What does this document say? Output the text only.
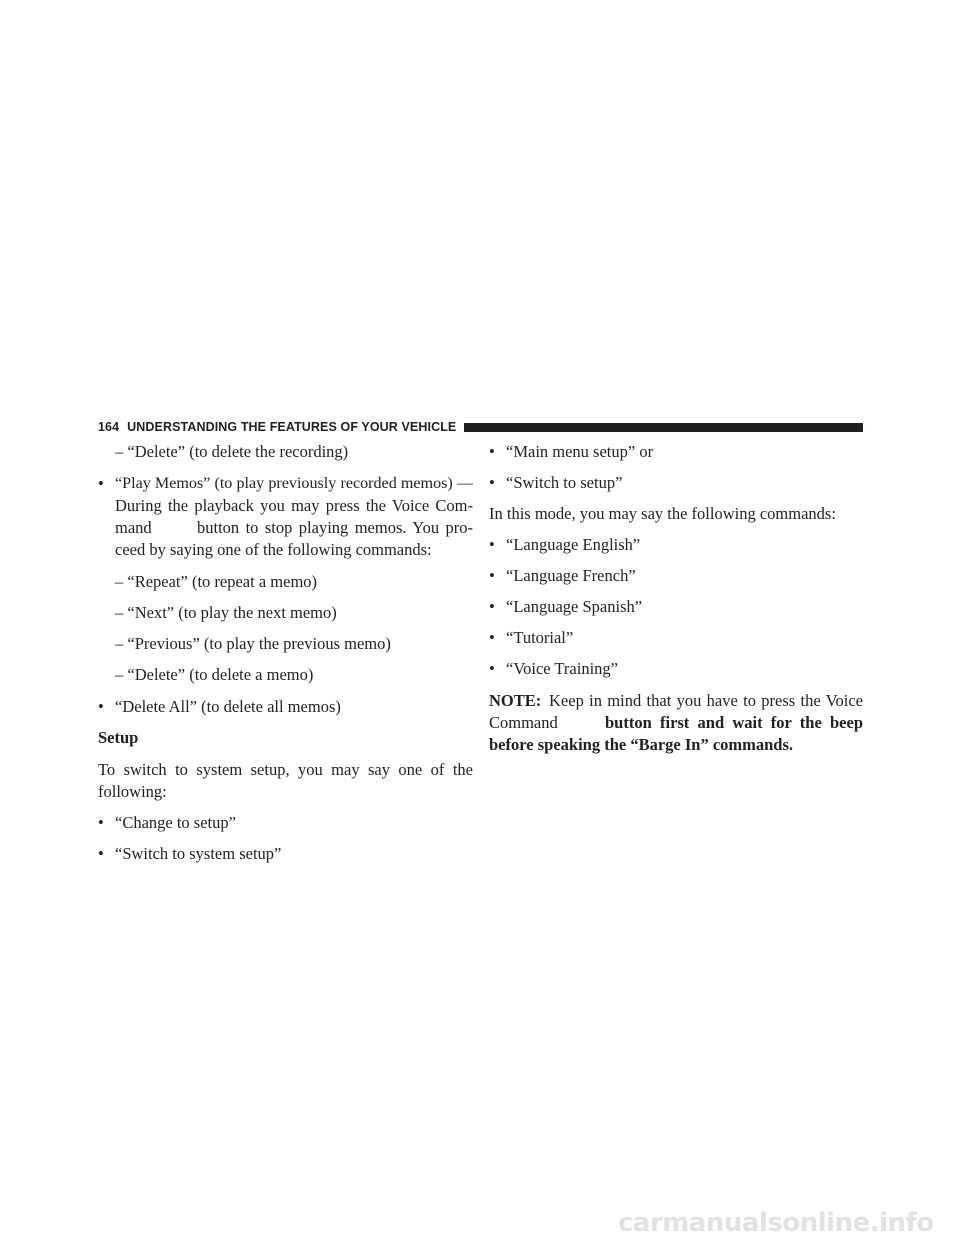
164 UNDERSTANDING THE FEATURES OF YOUR VEHICLE
– “Delete” (to delete the recording)
• “Play Memos” (to play previously recorded memos) —
During the playback you may press the Voice Com-
mand	button to stop playing memos. You pro-
ceed by saying one of the following commands:
– “Repeat” (to repeat a memo)
– “Next” (to play the next memo)
– “Previous” (to play the previous memo)
– “Delete” (to delete a memo)
• “Delete All” (to delete all memos)
Setup
To switch to system setup, you may say one of the
following:
• “Change to setup”
• “Switch to system setup”
• “Main menu setup” or
• “Switch to setup”
In this mode, you may say the following commands:
• “Language English”
• “Language French”
• “Language Spanish”
• “Tutorial”
• “Voice Training”
NOTE: Keep in mind that you have to press the Voice
Command	button first and wait for the beep
before speaking the “Barge In” commands.
carmanualsonline.info
